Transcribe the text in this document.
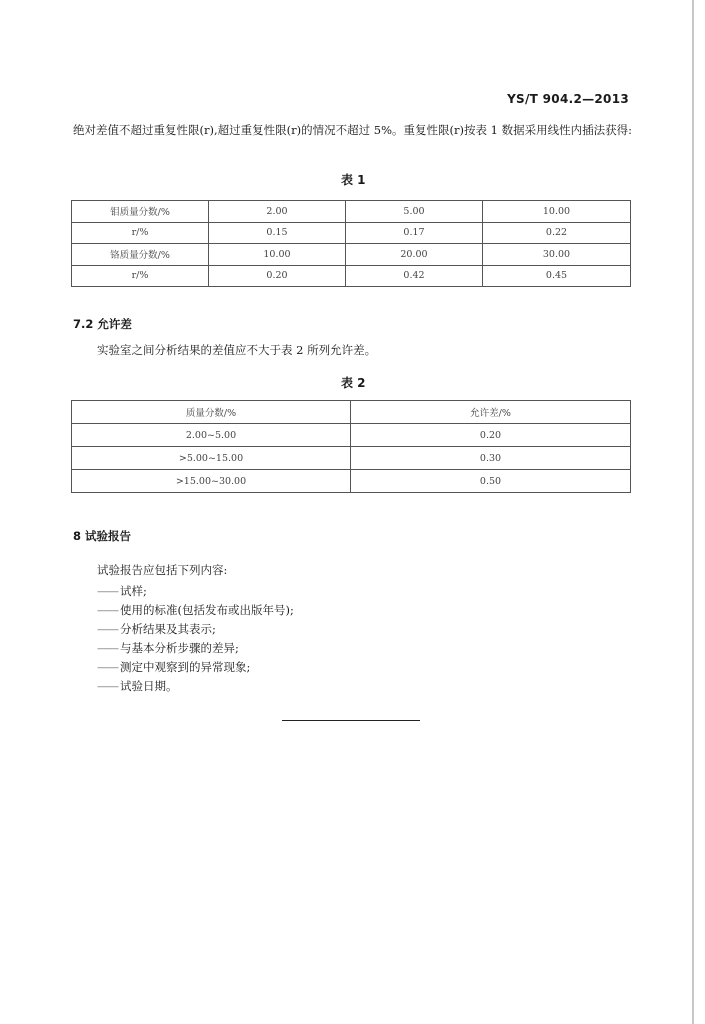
YS/T 904.2—2013
绝对差值不超过重复性限(r),超过重复性限(r)的情况不超过 5%。重复性限(r)按表 1 数据采用线性内插法获得:
表 1
钼质量分数/%	2.00	5.00	10.00
r/%	0.15	0.17	0.22
铬质量分数/%	10.00	20.00	30.00
r/%	0.20	0.42	0.45
7.2 允许差
实验室之间分析结果的差值应不大于表 2 所列允许差。
表 2
质量分数/%	允许差/%
2.00~5.00	0.20
>5.00~15.00	0.30
>15.00~30.00	0.50
8 试验报告
试验报告应包括下列内容:
—— 试样;
—— 使用的标准(包括发布或出版年号);
—— 分析结果及其表示;
—— 与基本分析步骤的差异;
—— 测定中观察到的异常现象;
—— 试验日期。
